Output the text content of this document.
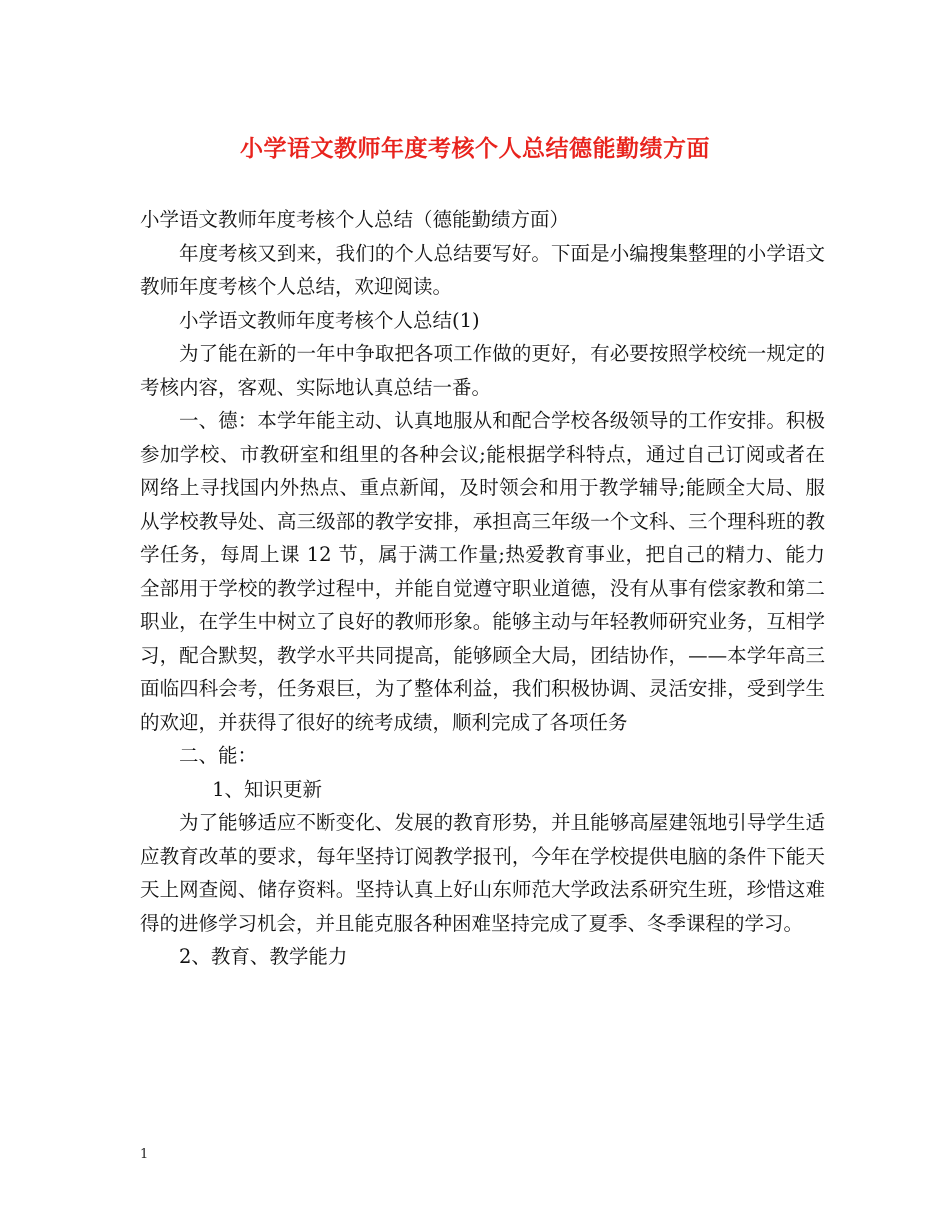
小学语文教师年度考核个人总结德能勤绩方面

小学语文教师年度考核个人总结（德能勤绩方面）

年度考核又到来，我们的个人总结要写好。下面是小编搜集整理的小学语文教师年度考核个人总结，欢迎阅读。

小学语文教师年度考核个人总结(1)

为了能在新的一年中争取把各项工作做的更好，有必要按照学校统一规定的考核内容，客观、实际地认真总结一番。

一、德：本学年能主动、认真地服从和配合学校各级领导的工作安排。积极参加学校、市教研室和组里的各种会议;能根据学科特点，通过自己订阅或者在网络上寻找国内外热点、重点新闻，及时领会和用于教学辅导;能顾全大局、服从学校教导处、高三级部的教学安排，承担高三年级一个文科、三个理科班的教学任务，每周上课 12 节，属于满工作量;热爱教育事业，把自己的精力、能力全部用于学校的教学过程中，并能自觉遵守职业道德，没有从事有偿家教和第二职业，在学生中树立了良好的教师形象。能够主动与年轻教师研究业务，互相学习，配合默契，教学水平共同提高，能够顾全大局，团结协作，——本学年高三面临四科会考，任务艰巨，为了整体利益，我们积极协调、灵活安排，受到学生的欢迎，并获得了很好的统考成绩，顺利完成了各项任务

二、能：

1、知识更新

为了能够适应不断变化、发展的教育形势，并且能够高屋建瓴地引导学生适应教育改革的要求，每年坚持订阅教学报刊，今年在学校提供电脑的条件下能天天上网查阅、储存资料。坚持认真上好山东师范大学政法系研究生班，珍惜这难得的进修学习机会，并且能克服各种困难坚持完成了夏季、冬季课程的学习。

2、教育、教学能力

1
